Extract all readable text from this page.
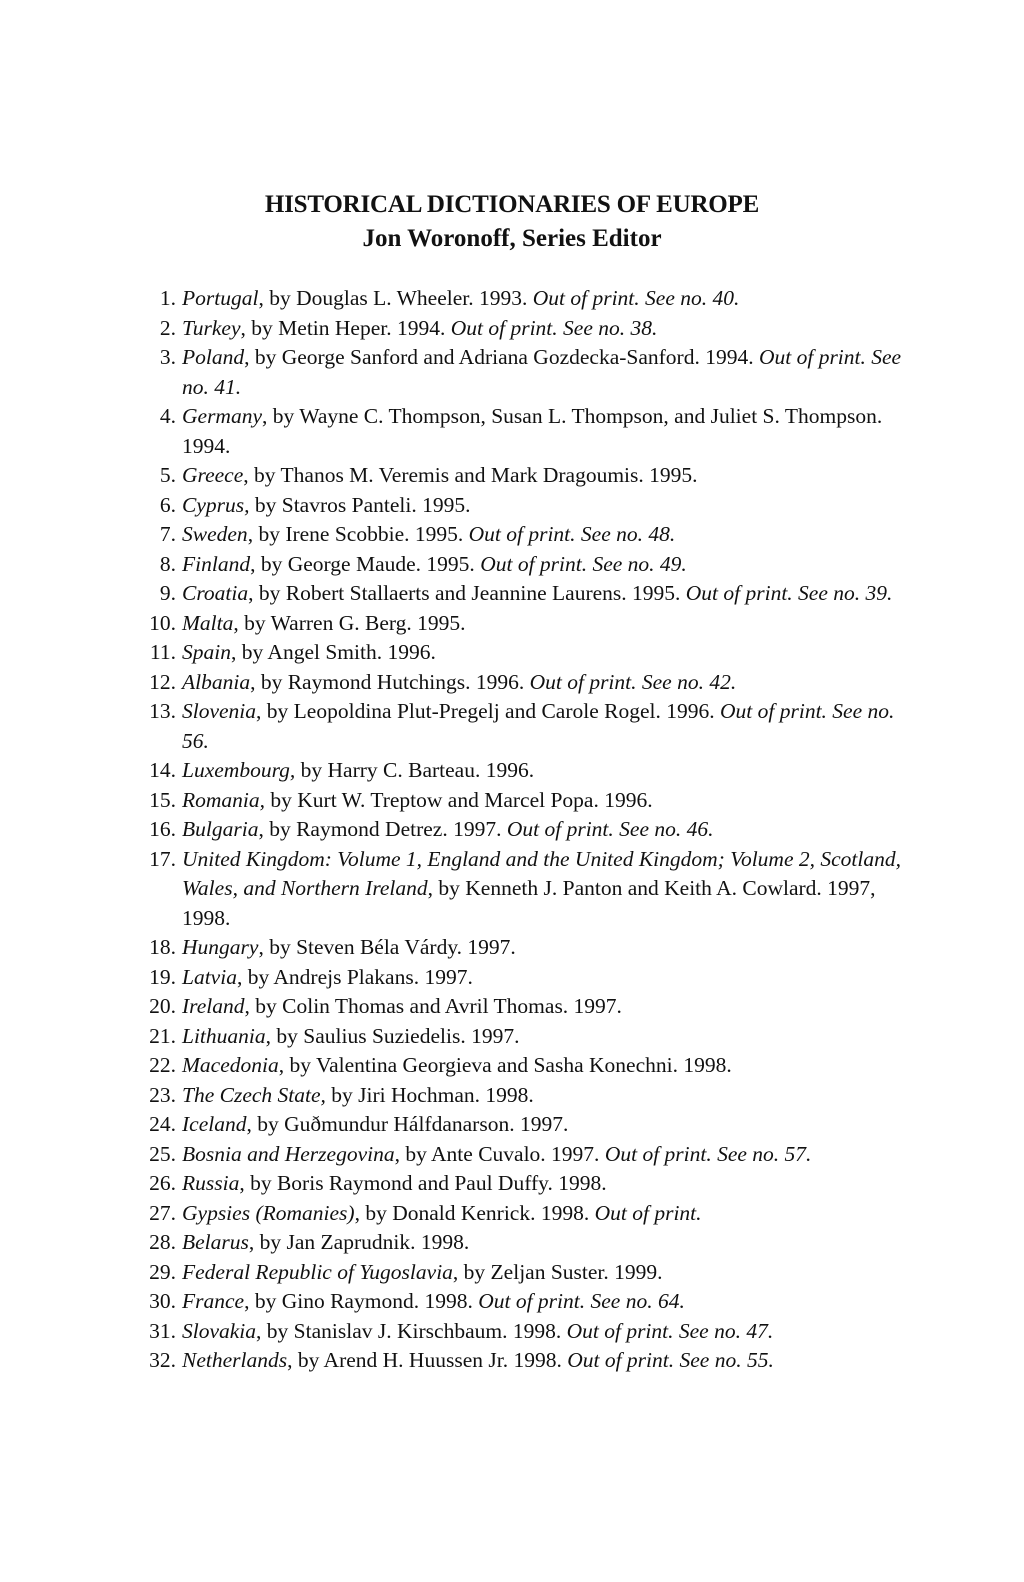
HISTORICAL DICTIONARIES OF EUROPE
Jon Woronoff, Series Editor
1. Portugal, by Douglas L. Wheeler. 1993. Out of print. See no. 40.
2. Turkey, by Metin Heper. 1994. Out of print. See no. 38.
3. Poland, by George Sanford and Adriana Gozdecka-Sanford. 1994. Out of print. See no. 41.
4. Germany, by Wayne C. Thompson, Susan L. Thompson, and Juliet S. Thompson. 1994.
5. Greece, by Thanos M. Veremis and Mark Dragoumis. 1995.
6. Cyprus, by Stavros Panteli. 1995.
7. Sweden, by Irene Scobbie. 1995. Out of print. See no. 48.
8. Finland, by George Maude. 1995. Out of print. See no. 49.
9. Croatia, by Robert Stallaerts and Jeannine Laurens. 1995. Out of print. See no. 39.
10. Malta, by Warren G. Berg. 1995.
11. Spain, by Angel Smith. 1996.
12. Albania, by Raymond Hutchings. 1996. Out of print. See no. 42.
13. Slovenia, by Leopoldina Plut-Pregelj and Carole Rogel. 1996. Out of print. See no. 56.
14. Luxembourg, by Harry C. Barteau. 1996.
15. Romania, by Kurt W. Treptow and Marcel Popa. 1996.
16. Bulgaria, by Raymond Detrez. 1997. Out of print. See no. 46.
17. United Kingdom: Volume 1, England and the United Kingdom; Volume 2, Scotland, Wales, and Northern Ireland, by Kenneth J. Panton and Keith A. Cowlard. 1997, 1998.
18. Hungary, by Steven Béla Várdy. 1997.
19. Latvia, by Andrejs Plakans. 1997.
20. Ireland, by Colin Thomas and Avril Thomas. 1997.
21. Lithuania, by Saulius Suziedelis. 1997.
22. Macedonia, by Valentina Georgieva and Sasha Konechni. 1998.
23. The Czech State, by Jiri Hochman. 1998.
24. Iceland, by Guðmundur Hálfdanarson. 1997.
25. Bosnia and Herzegovina, by Ante Cuvalo. 1997. Out of print. See no. 57.
26. Russia, by Boris Raymond and Paul Duffy. 1998.
27. Gypsies (Romanies), by Donald Kenrick. 1998. Out of print.
28. Belarus, by Jan Zaprudnik. 1998.
29. Federal Republic of Yugoslavia, by Zeljan Suster. 1999.
30. France, by Gino Raymond. 1998. Out of print. See no. 64.
31. Slovakia, by Stanislav J. Kirschbaum. 1998. Out of print. See no. 47.
32. Netherlands, by Arend H. Huussen Jr. 1998. Out of print. See no. 55.
